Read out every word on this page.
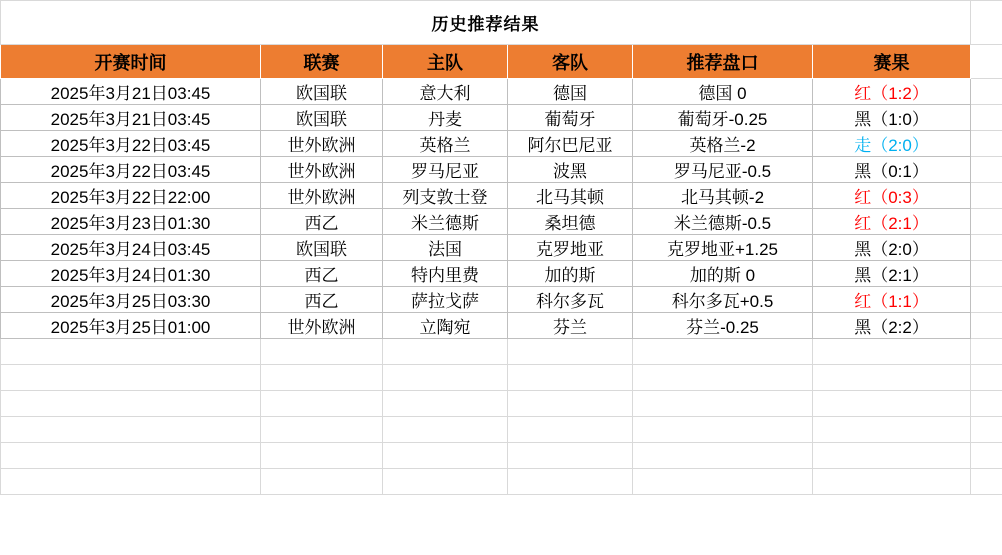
历史推荐结果						
开赛时间	联赛	主队	客队	推荐盘口	赛果	
2025年3月21日03:45	欧国联	意大利	德国	德国 0	红（1:2）	
2025年3月21日03:45	欧国联	丹麦	葡萄牙	葡萄牙-0.25	黑（1:0）	
2025年3月22日03:45	世外欧洲	英格兰	阿尔巴尼亚	英格兰-2	走（2:0）	
2025年3月22日03:45	世外欧洲	罗马尼亚	波黑	罗马尼亚-0.5	黑（0:1）	
2025年3月22日22:00	世外欧洲	列支敦士登	北马其顿	北马其顿-2	红（0:3）	
2025年3月23日01:30	西乙	米兰德斯	桑坦德	米兰德斯-0.5	红（2:1）	
2025年3月24日03:45	欧国联	法国	克罗地亚	克罗地亚+1.25	黑（2:0）	
2025年3月24日01:30	西乙	特内里费	加的斯	加的斯 0	黑（2:1）	
2025年3月25日03:30	西乙	萨拉戈萨	科尔多瓦	科尔多瓦+0.5	红（1:1）	
2025年3月25日01:00	世外欧洲	立陶宛	芬兰	芬兰-0.25	黑（2:2）	
